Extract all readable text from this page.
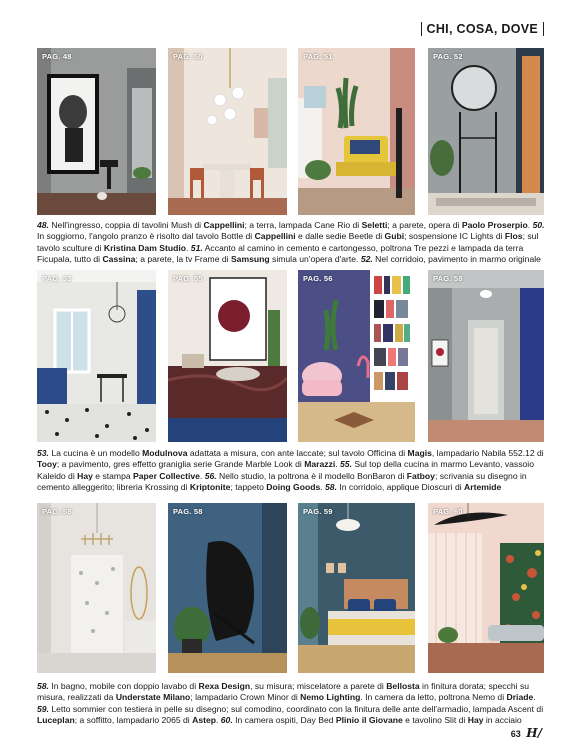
CHI, COSA, DOVE
PAG. 48	PAG. 50	PAG. 51	PAG. 52

48. Nell'ingresso, coppia di tavolini Mush di Cappellini; a terra, lampada Cane Rio di Seletti; a parete, opera di Paolo Proserpio. 50. In soggiorno, l'angolo pranzo è risolto dal tavolo Bottle di Cappellini e dalle sedie Beetle di Gubi; sospensione IC Lights di Flos; sul tavolo sculture di Kristina Dam Studio. 51. Accanto al camino in cemento e cartongesso, poltrona Tre pezzi e lampada da terra Ficupala, tutto di Cassina; a parete, la tv Frame di Samsung simula un'opera d'arte. 52. Nel corridoio, pavimento in marmo originale

PAG. 53	PAG. 55	PAG. 56	PAG. 58

53. La cucina è un modello Modulnova adattata a misura, con ante laccate; sul tavolo Officina di Magis, lampadario Nabila 552.12 di Tooy; a pavimento, gres effetto graniglia serie Grande Marble Look di Marazzi. 55. Sul top della cucina in marmo Levanto, vassoio Kaleido di Hay e stampa Paper Collective. 56. Nello studio, la poltrona è il modello BonBaron di Fatboy; scrivania su disegno in cemento alleggerito; libreria Krossing di Kriptonite; tappeto Doing Goods. 58. In corridoio, applique Dioscuri di Artemide

PAG. 58	PAG. 58	PAG. 59	PAG. 60

58. In bagno, mobile con doppio lavabo di Rexa Design, su misura; miscelatore a parete di Bellosta in finitura dorata; specchi su misura, realizzati da Understate Milano; lampadario Crown Minor di Nemo Lighting. In camera da letto, poltrona Nemo di Driade. 59. Letto sommier con testiera in pelle su disegno; sul comodino, coordinato con la finitura delle ante dell'armadio, lampada Ascent di Luceplan; a soffitto, lampadario 2065 di Astep. 60. In camera ospiti, Day Bed Plinio il Giovane e tavolino Slit di Hay in acciaio

63 H/
